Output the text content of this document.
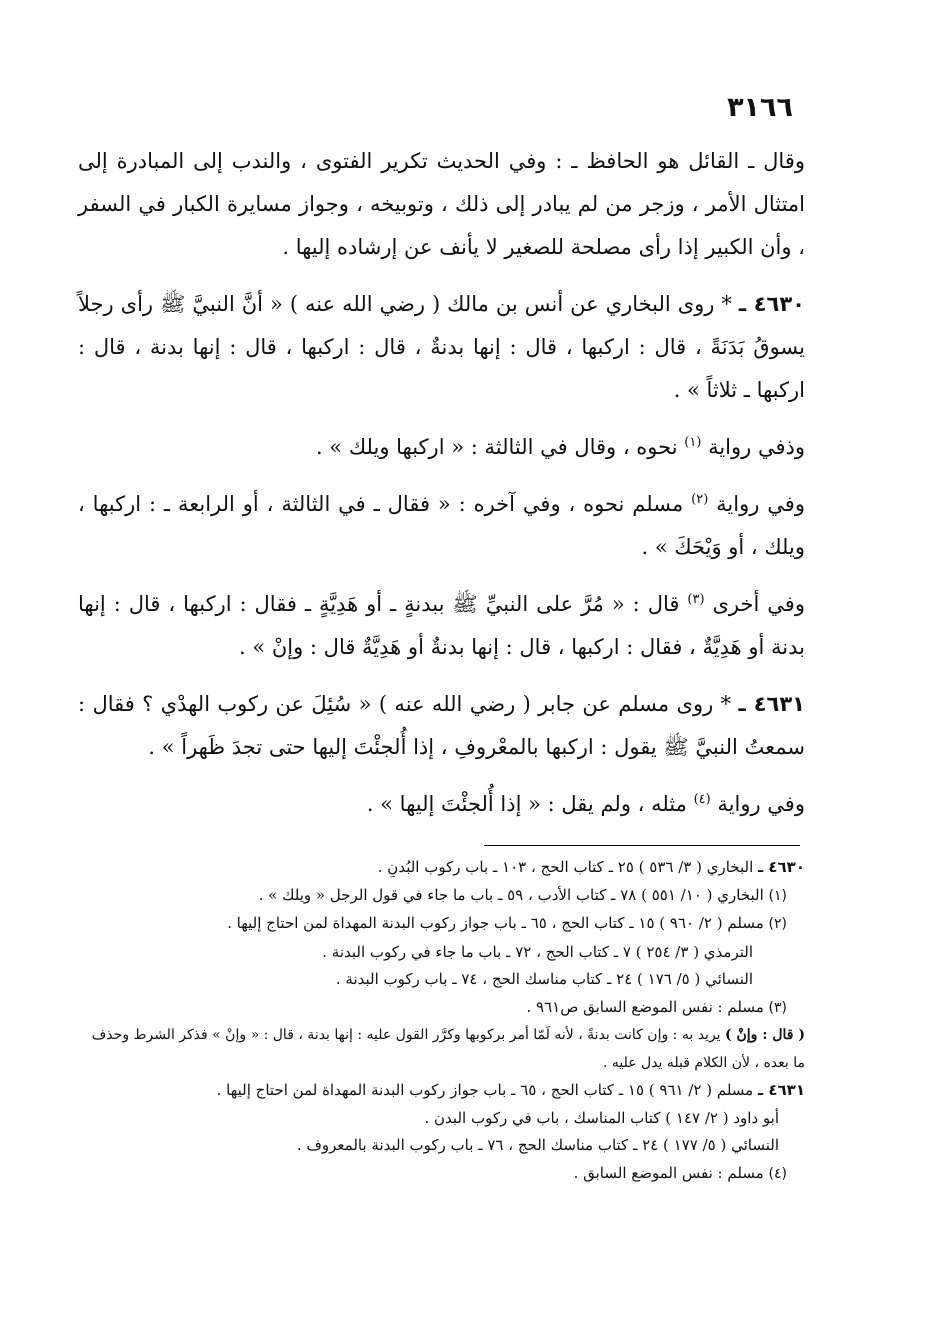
٣١٦٦

وقال ـ القائل هو الحافظ ـ : وفي الحديث تكرير الفتوى ، والندب إلى المبادرة إلى امتثال الأمر ، وزجر من لم يبادر إلى ذلك ، وتوبيخه ، وجواز مسايرة الكبار في السفر ، وأن الكبير إذا رأى مصلحة للصغير لا يأنف عن إرشاده إليها .

٤٦٣٠ ـ * روى البخاري عن أنس بن مالك ( رضي الله عنه ) « أنَّ النبيَّ ﷺ رأى رجلاً يسوقُ بَدَنَةً ، قال : اركبها ، قال : إنها بدنةٌ ، قال : اركبها ، قال : إنها بدنة ، قال : اركبها ـ ثلاثاً » .

وذفي رواية $^{(١)}$ نحوه ، وقال في الثالثة : « اركبها ويلك » .

وفي رواية $^{(٢)}$ مسلم نحوه ، وفي آخره : « فقال ـ في الثالثة ، أو الرابعة ـ : اركبها ، ويلك ، أو وَيْحَكَ » .

وفي أخرى $^{(٣)}$ قال : « مُرَّ على النبيِّ ﷺ ببدنةٍ ـ أو هَدِيَّةٍ ـ فقال : اركبها ، قال : إنها بدنة أو هَدِيَّةٌ ، فقال : اركبها ، قال : إنها بدنةٌ أو هَدِيَّةٌ قال : وإنْ » .

٤٦٣١ ـ * روى مسلم عن جابر ( رضي الله عنه ) « سُئِلَ عن ركوب الهدْي ؟ فقال : سمعتُ النبيَّ ﷺ يقول : اركبها بالمعْروفِ ، إذا أُلجئْتَ إليها حتى تجدَ ظَهراً » .

وفي رواية $^{(٤)}$ مثله ، ولم يقل : « إذا أُلجئْتَ إليها » .

٤٦٣٠ ـ البخاري ( ٣/ ٥٣٦ ) ٢٥ ـ كتاب الحج ، ١٠٣ ـ باب ركوب البُدنِ .

(١) البخاري ( ١٠/ ٥٥١ ) ٧٨ ـ كتاب الأدب ، ٥٩ ـ باب ما جاء في قول الرجل « ويلك » .

(٢) مسلم ( ٢/ ٩٦٠ ) ١٥ ـ كتاب الحج ، ٦٥ ـ باب جواز ركوب البدنة المهداة لمن احتاج إليها .

الترمذي ( ٣/ ٢٥٤ ) ٧ ـ كتاب الحج ، ٧٢ ـ باب ما جاء في ركوب البدنة .

النسائي ( ٥/ ١٧٦ ) ٢٤ ـ كتاب مناسك الحج ، ٧٤ ـ باب ركوب البدنة .

(٣) مسلم : نفس الموضع السابق ص٩٦١ .

( قال : وإنْ ) يريد به : وإن كانت بدنةً ، لأنه لَمّا أمر بركوبها وكرَّر القول عليه : إنها بدنة ، قال : « وإنْ » فذكر الشرط وحذف ما بعده ، لأن الكلام قبله يدل عليه .

٤٦٣١ ـ مسلم ( ٢/ ٩٦١ ) ١٥ ـ كتاب الحج ، ٦٥ ـ باب جواز ركوب البدنة المهداة لمن احتاج إليها .

أبو داود ( ٢/ ١٤٧ ) كتاب المناسك ، باب في ركوب البدن .

النسائي ( ٥/ ١٧٧ ) ٢٤ ـ كتاب مناسك الحج ، ٧٦ ـ باب ركوب البدنة بالمعروف .

(٤) مسلم : نفس الموضع السابق .
